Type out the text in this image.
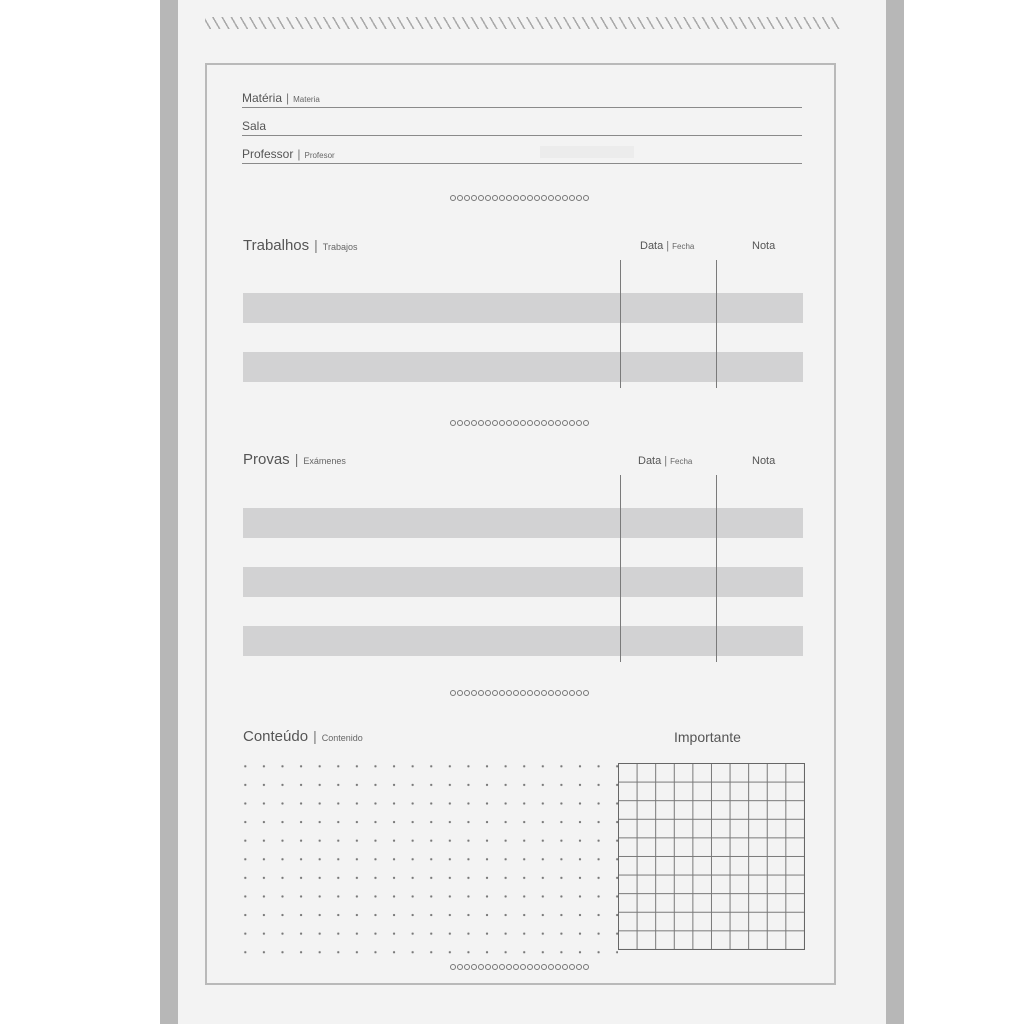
Matéria | Materia
Sala
Professor | Profesor
Trabalhos | Trabajos	Data | Fecha	Nota
Provas | Exámenes	Data | Fecha	Nota
Conteúdo | Contenido	Importante
